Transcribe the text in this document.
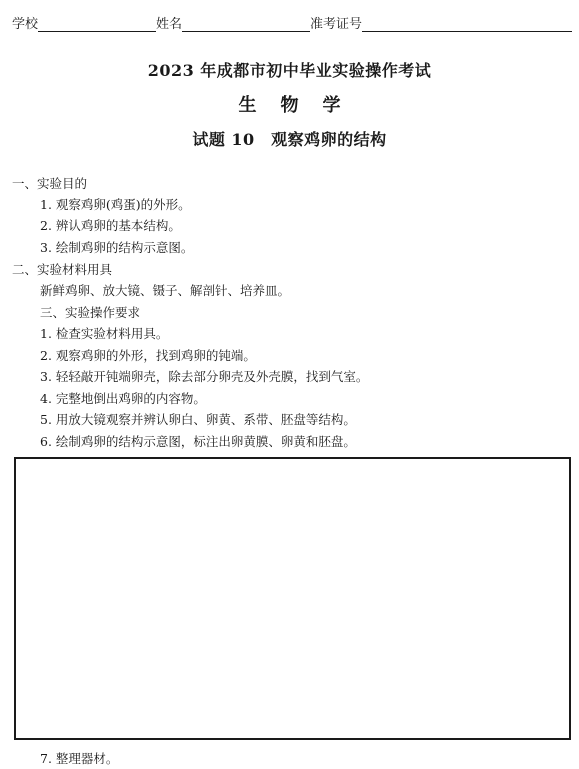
学校	姓名	准考证号
2023 年成都市初中毕业实验操作考试
生物学
试题 10　观察鸡卵的结构
一、实验目的
1. 观察鸡卵(鸡蛋)的外形。
2. 辨认鸡卵的基本结构。
3. 绘制鸡卵的结构示意图。
二、实验材料用具
新鲜鸡卵、放大镜、镊子、解剖针、培养皿。
三、实验操作要求
1. 检查实验材料用具。
2. 观察鸡卵的外形，找到鸡卵的钝端。
3. 轻轻敲开钝端卵壳，除去部分卵壳及外壳膜，找到气室。
4. 完整地倒出鸡卵的内容物。
5. 用放大镜观察并辨认卵白、卵黄、系带、胚盘等结构。
6. 绘制鸡卵的结构示意图，标注出卵黄膜、卵黄和胚盘。
7. 整理器材。
